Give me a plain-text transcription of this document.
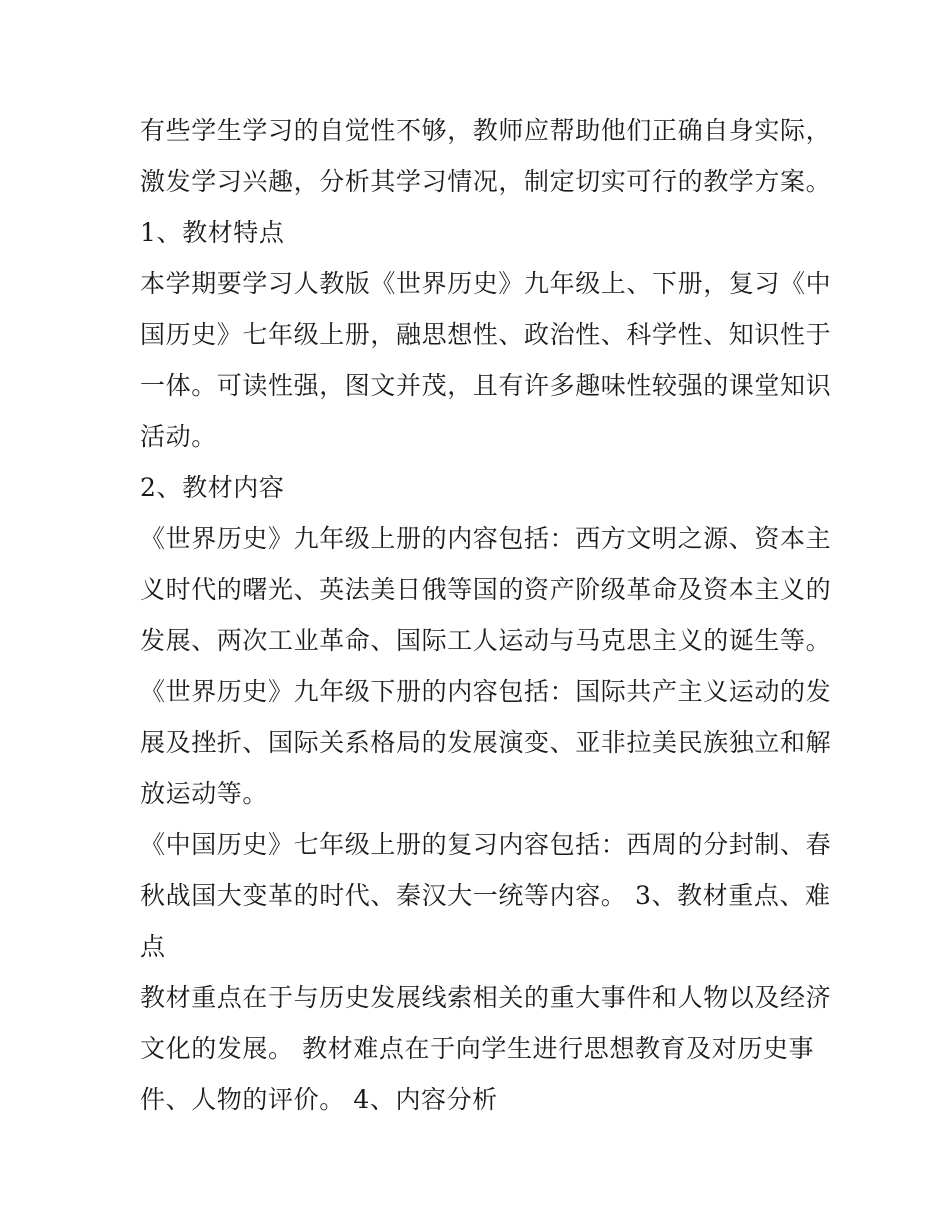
有些学生学习的自觉性不够，教师应帮助他们正确自身实际，
激发学习兴趣，分析其学习情况，制定切实可行的教学方案。
1、教材特点
本学期要学习人教版《世界历史》九年级上、下册，复习《中
国历史》七年级上册，融思想性、政治性、科学性、知识性于
一体。可读性强，图文并茂，且有许多趣味性较强的课堂知识
活动。
2、教材内容
《世界历史》九年级上册的内容包括：西方文明之源、资本主
义时代的曙光、英法美日俄等国的资产阶级革命及资本主义的
发展、两次工业革命、国际工人运动与马克思主义的诞生等。
《世界历史》九年级下册的内容包括：国际共产主义运动的发
展及挫折、国际关系格局的发展演变、亚非拉美民族独立和解
放运动等。
《中国历史》七年级上册的复习内容包括：西周的分封制、春
秋战国大变革的时代、秦汉大一统等内容。 3、教材重点、难
点
教材重点在于与历史发展线索相关的重大事件和人物以及经济
文化的发展。 教材难点在于向学生进行思想教育及对历史事
件、人物的评价。 4、内容分析
